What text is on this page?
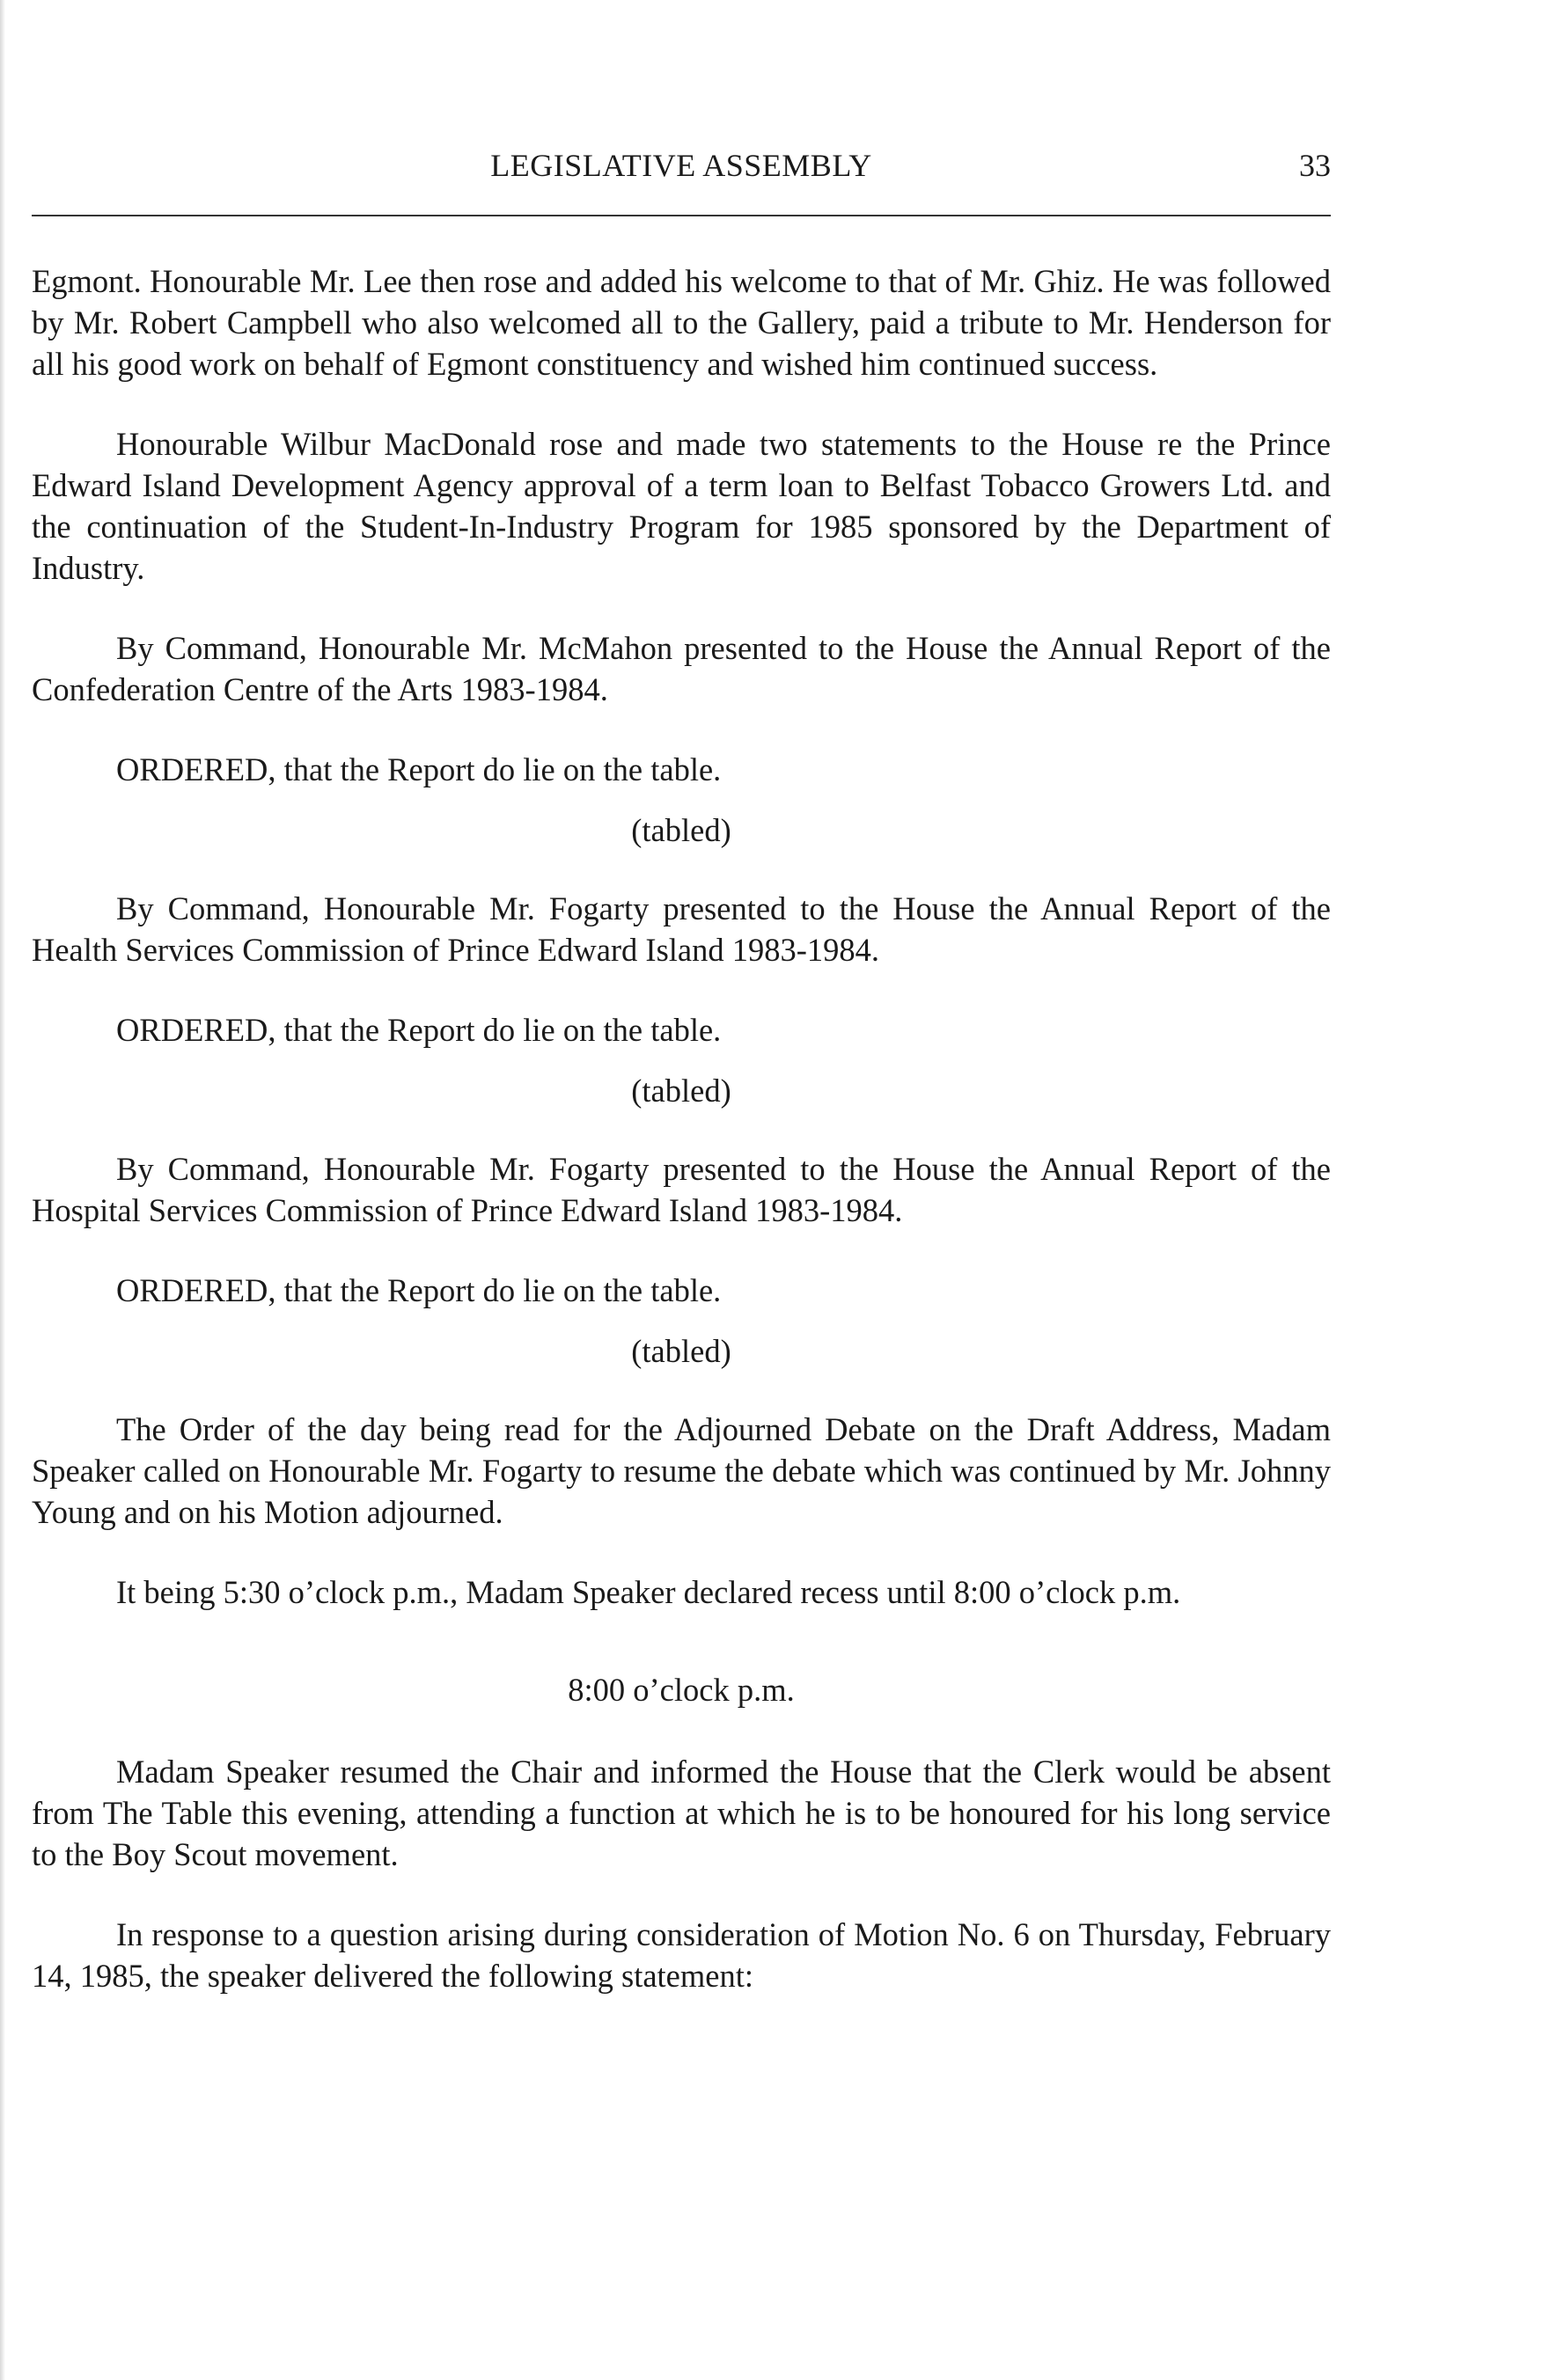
LEGISLATIVE ASSEMBLY	33

Egmont. Honourable Mr. Lee then rose and added his welcome to that of Mr. Ghiz. He was followed by Mr. Robert Campbell who also welcomed all to the Gallery, paid a tribute to Mr. Henderson for all his good work on behalf of Egmont constituency and wished him continued success.

Honourable Wilbur MacDonald rose and made two statements to the House re the Prince Edward Island Development Agency approval of a term loan to Belfast Tobacco Growers Ltd. and the continuation of the Student-In-Industry Program for 1985 sponsored by the Department of Industry.

By Command, Honourable Mr. McMahon presented to the House the Annual Report of the Confederation Centre of the Arts 1983-1984.

ORDERED, that the Report do lie on the table.

(tabled)

By Command, Honourable Mr. Fogarty presented to the House the Annual Report of the Health Services Commission of Prince Edward Island 1983-1984.

ORDERED, that the Report do lie on the table.

(tabled)

By Command, Honourable Mr. Fogarty presented to the House the Annual Report of the Hospital Services Commission of Prince Edward Island 1983-1984.

ORDERED, that the Report do lie on the table.

(tabled)

The Order of the day being read for the Adjourned Debate on the Draft Address, Madam Speaker called on Honourable Mr. Fogarty to resume the debate which was continued by Mr. Johnny Young and on his Motion adjourned.

It being 5:30 o’clock p.m., Madam Speaker declared recess until 8:00 o’clock p.m.

8:00 o’clock p.m.

Madam Speaker resumed the Chair and informed the House that the Clerk would be absent from The Table this evening, attending a function at which he is to be honoured for his long service to the Boy Scout movement.

In response to a question arising during consideration of Motion No. 6 on Thursday, February 14, 1985, the speaker delivered the following statement:
